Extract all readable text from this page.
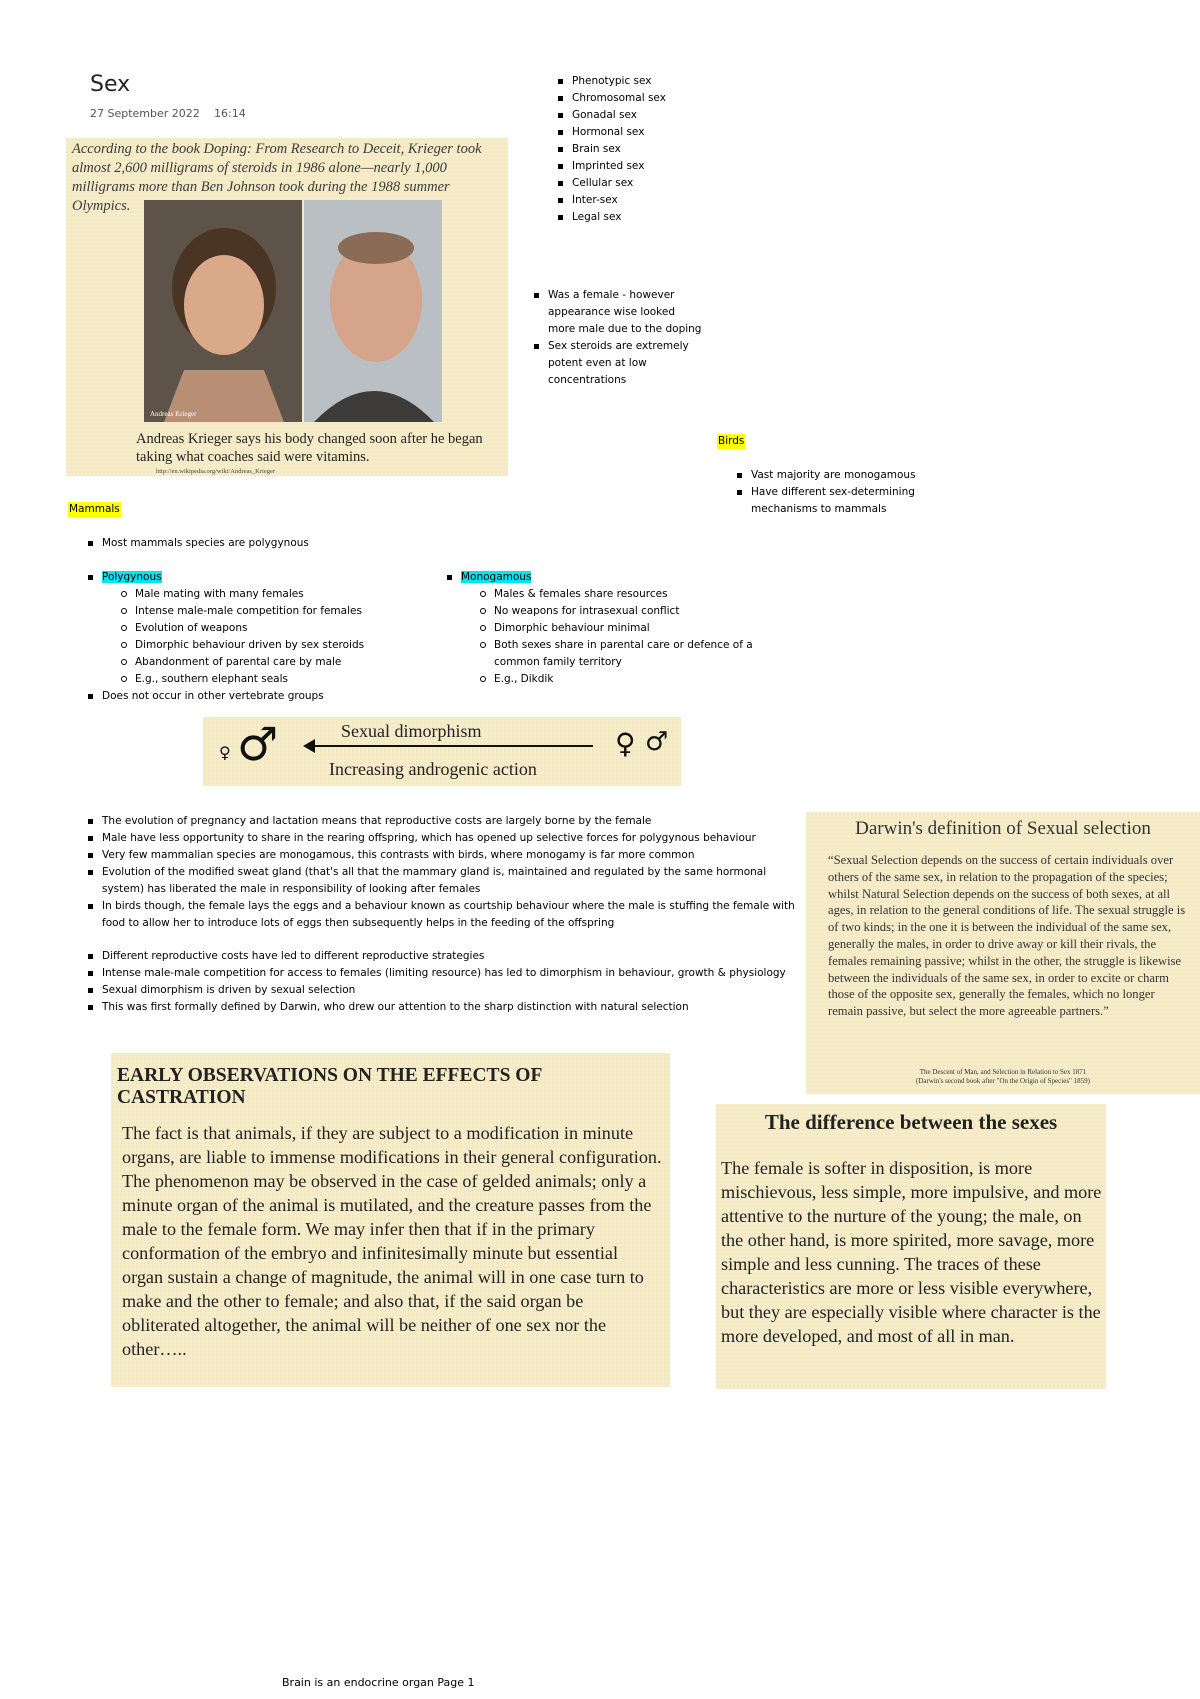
Sex
27 September 2022 16:14
Phenotypic sex
Chromosomal sex
Gonadal sex
Hormonal sex
Brain sex
Imprinted sex
Cellular sex
Inter-sex
Legal sex
According to the book Doping: From Research to Deceit, Krieger took almost 2,600 milligrams of steroids in 1986 alone—nearly 1,000 milligrams more than Ben Johnson took during the 1988 summer Olympics.
Andreas Krieger
Andreas Krieger says his body changed soon after he began taking what coaches said were vitamins.
http://en.wikipedia.org/wiki/Andreas_Krieger
Was a female - however appearance wise looked more male due to the doping
Sex steroids are extremely potent even at low concentrations
Birds
Vast majority are monogamous
Have different sex-determining mechanisms to mammals
Mammals
Most mammals species are polygynous
Polygynous
Male mating with many females
Intense male-male competition for females
Evolution of weapons
Dimorphic behaviour driven by sex steroids
Abandonment of parental care by male
E.g., southern elephant seals
Does not occur in other vertebrate groups
Monogamous
Males & females share resources
No weapons for intrasexual conflict
Dimorphic behaviour minimal
Both sexes share in parental care or defence of a common family territory
E.g., Dikdik
♀ ♂	Sexual dimorphism
Increasing androgenic action
♀ ♂
The evolution of pregnancy and lactation means that reproductive costs are largely borne by the female
Male have less opportunity to share in the rearing offspring, which has opened up selective forces for polygynous behaviour
Very few mammalian species are monogamous, this contrasts with birds, where monogamy is far more common
Evolution of the modified sweat gland (that's all that the mammary gland is, maintained and regulated by the same hormonal system) has liberated the male in responsibility of looking after females
In birds though, the female lays the eggs and a behaviour known as courtship behaviour where the male is stuffing the female with food to allow her to introduce lots of eggs then subsequently helps in the feeding of the offspring
Different reproductive costs have led to different reproductive strategies
Intense male-male competition for access to females (limiting resource) has led to dimorphism in behaviour, growth & physiology
Sexual dimorphism is driven by sexual selection
This was first formally defined by Darwin, who drew our attention to the sharp distinction with natural selection
Darwin's definition of Sexual selection
“Sexual Selection depends on the success of certain individuals over others of the same sex, in relation to the propagation of the species; whilst Natural Selection depends on the success of both sexes, at all ages, in relation to the general conditions of life. The sexual struggle is of two kinds; in the one it is between the individual of the same sex, generally the males, in order to drive away or kill their rivals, the females remaining passive; whilst in the other, the struggle is likewise between the individuals of the same sex, in order to excite or charm those of the opposite sex, generally the females, which no longer remain passive, but select the more agreeable partners.”
The Descent of Man, and Selection in Relation to Sex 1871
(Darwin's second book after "On the Origin of Species" 1859)
EARLY OBSERVATIONS ON THE EFFECTS OF CASTRATION
The fact is that animals, if they are subject to a modification in minute organs, are liable to immense modifications in their general configuration. The phenomenon may be observed in the case of gelded animals; only a minute organ of the animal is mutilated, and the creature passes from the male to the female form. We may infer then that if in the primary conformation of the embryo and infinitesimally minute but essential organ sustain a change of magnitude, the animal will in one case turn to make and the other to female; and also that, if the said organ be obliterated altogether, the animal will be neither of one sex nor the other…..
The difference between the sexes
The female is softer in disposition, is more mischievous, less simple, more impulsive, and more attentive to the nurture of the young; the male, on the other hand, is more spirited, more savage, more simple and less cunning. The traces of these characteristics are more or less visible everywhere, but they are especially visible where character is the more developed, and most of all in man.
Brain is an endocrine organ Page 1
